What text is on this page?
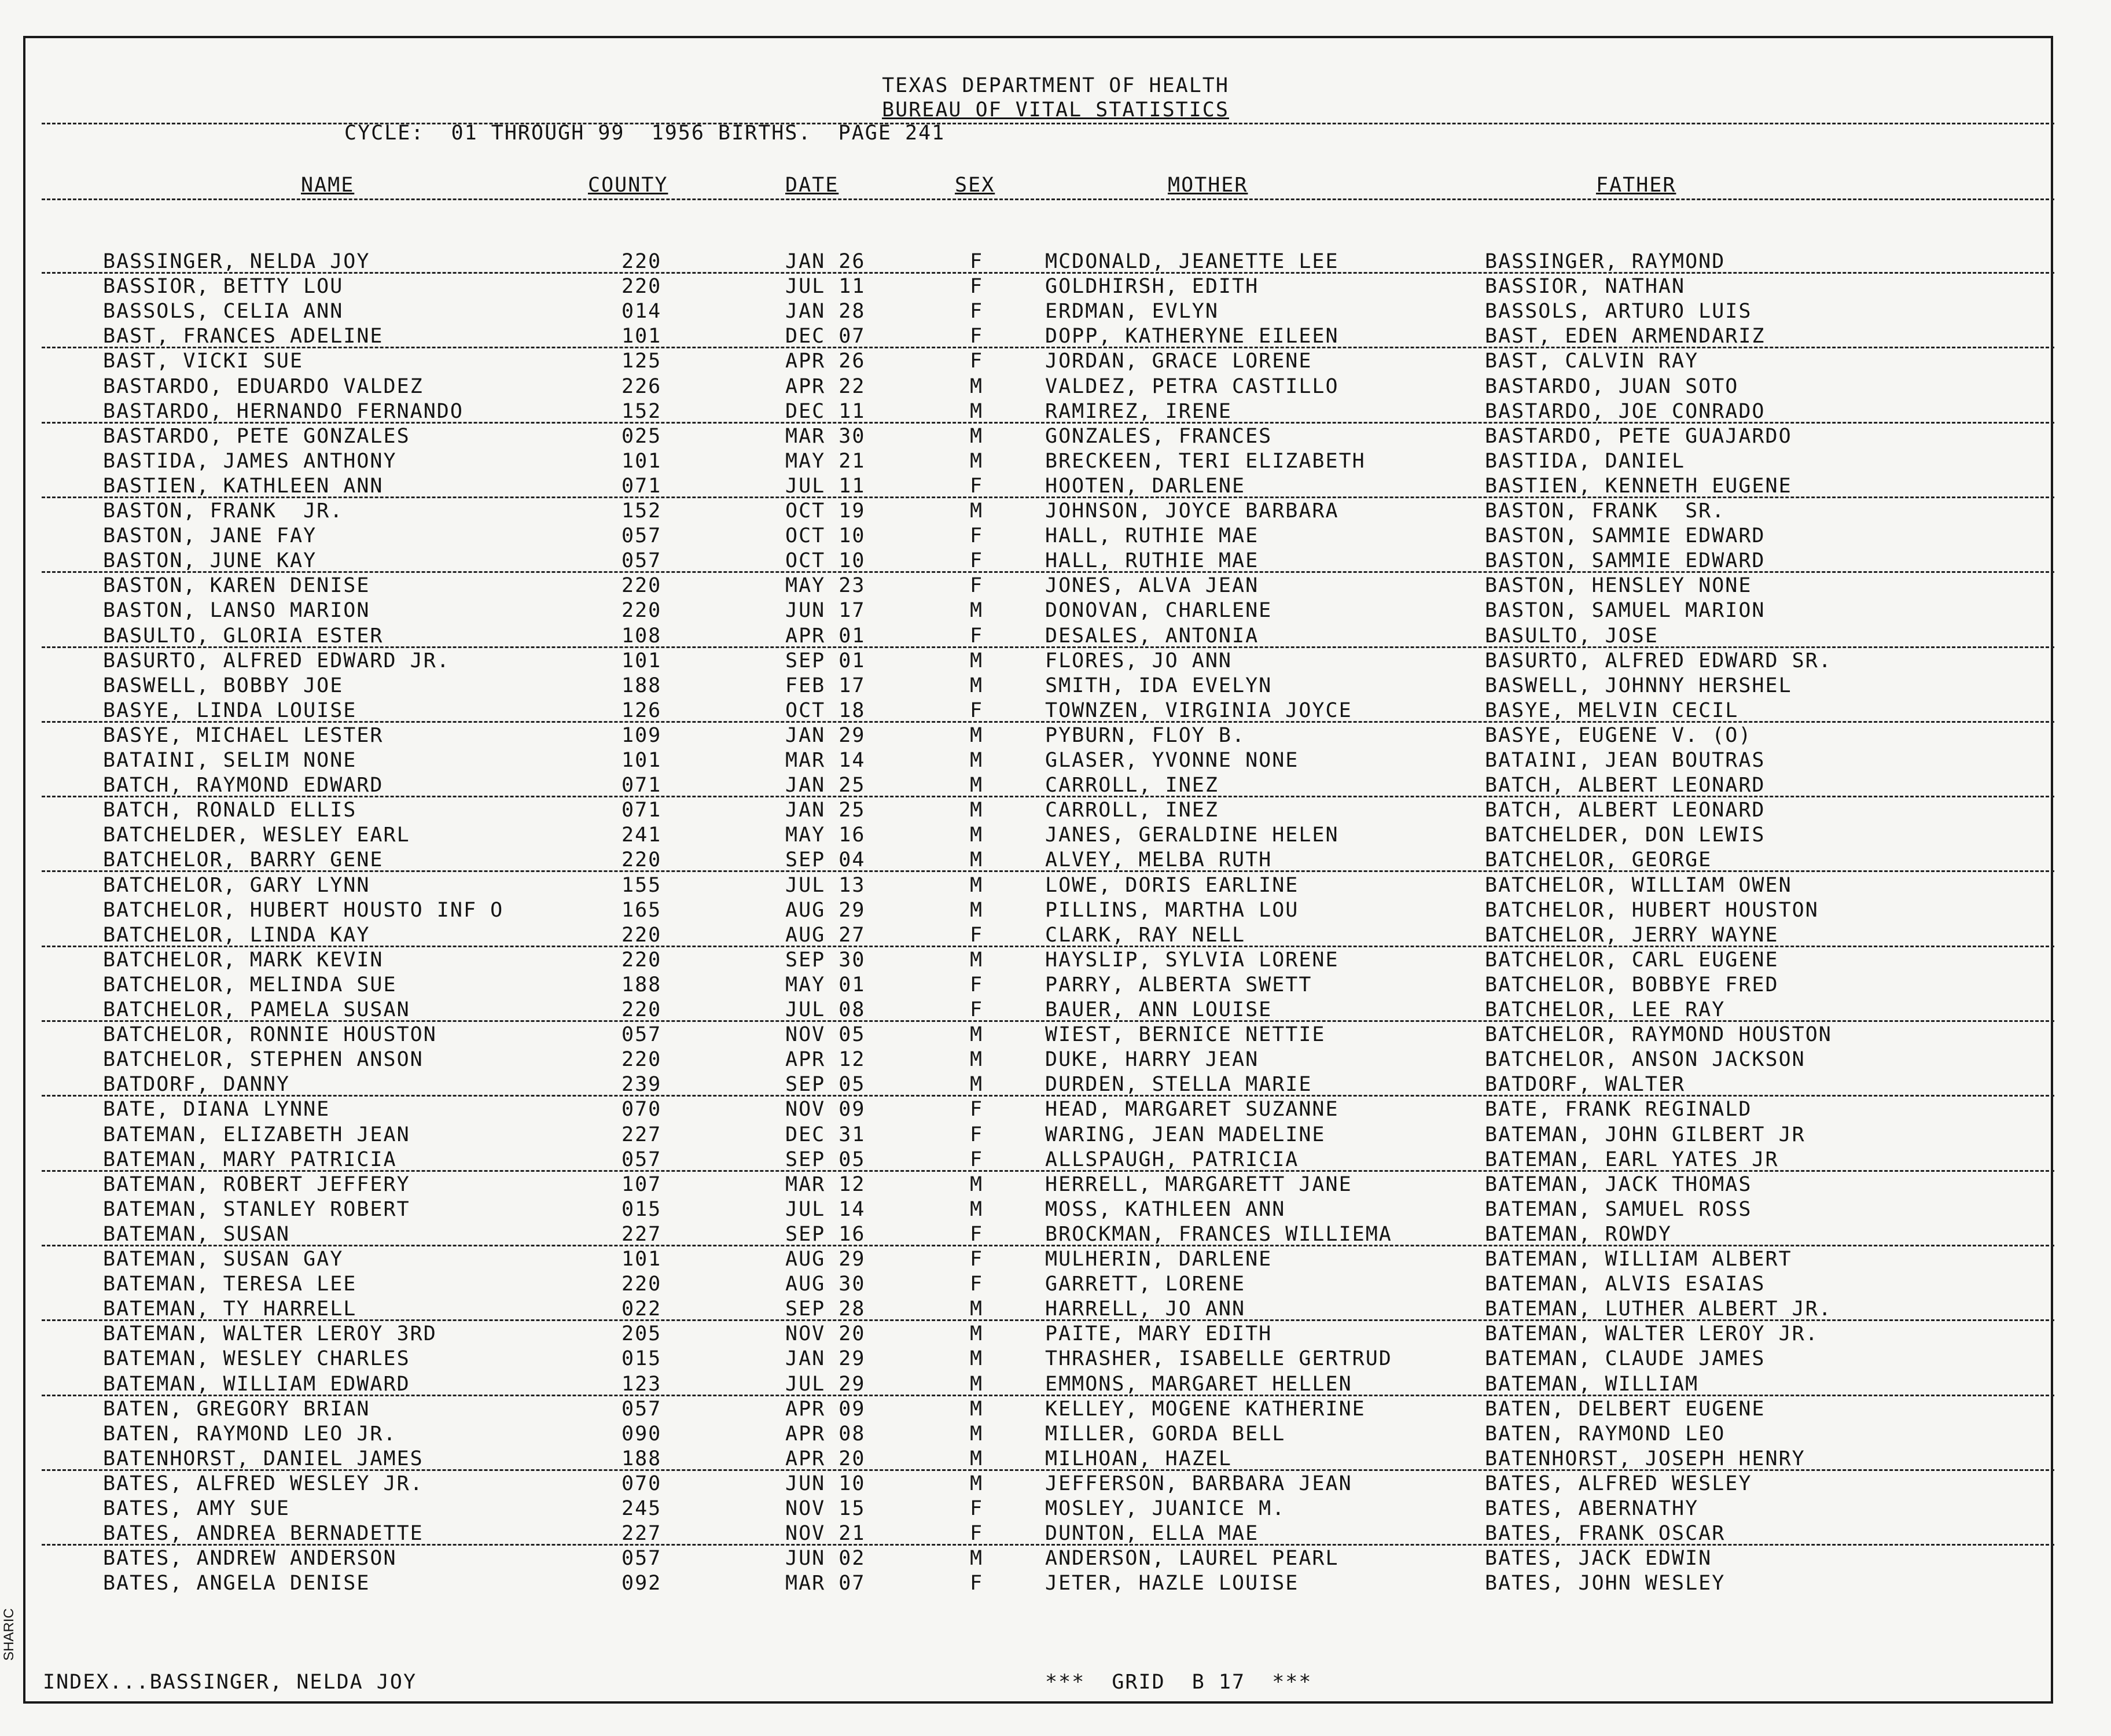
TEXAS DEPARTMENT OF HEALTH
BUREAU OF VITAL STATISTICS
CYCLE:  01 THROUGH 99  1956 BIRTHS.  PAGE 241
NAME	COUNTY	DATE	SEX	MOTHER	FATHER
BASSINGER, NELDA JOY	220	JAN 26	F	MCDONALD, JEANETTE LEE	BASSINGER, RAYMOND
BASSIOR, BETTY LOU	220	JUL 11	F	GOLDHIRSH, EDITH	BASSIOR, NATHAN
BASSOLS, CELIA ANN	014	JAN 28	F	ERDMAN, EVLYN	BASSOLS, ARTURO LUIS
BAST, FRANCES ADELINE	101	DEC 07	F	DOPP, KATHERYNE EILEEN	BAST, EDEN ARMENDARIZ
BAST, VICKI SUE	125	APR 26	F	JORDAN, GRACE LORENE	BAST, CALVIN RAY
BASTARDO, EDUARDO VALDEZ	226	APR 22	M	VALDEZ, PETRA CASTILLO	BASTARDO, JUAN SOTO
BASTARDO, HERNANDO FERNANDO	152	DEC 11	M	RAMIREZ, IRENE	BASTARDO, JOE CONRADO
BASTARDO, PETE GONZALES	025	MAR 30	M	GONZALES, FRANCES	BASTARDO, PETE GUAJARDO
BASTIDA, JAMES ANTHONY	101	MAY 21	M	BRECKEEN, TERI ELIZABETH	BASTIDA, DANIEL
BASTIEN, KATHLEEN ANN	071	JUL 11	F	HOOTEN, DARLENE	BASTIEN, KENNETH EUGENE
BASTON, FRANK  JR.	152	OCT 19	M	JOHNSON, JOYCE BARBARA	BASTON, FRANK  SR.
BASTON, JANE FAY	057	OCT 10	F	HALL, RUTHIE MAE	BASTON, SAMMIE EDWARD
BASTON, JUNE KAY	057	OCT 10	F	HALL, RUTHIE MAE	BASTON, SAMMIE EDWARD
BASTON, KAREN DENISE	220	MAY 23	F	JONES, ALVA JEAN	BASTON, HENSLEY NONE
BASTON, LANSO MARION	220	JUN 17	M	DONOVAN, CHARLENE	BASTON, SAMUEL MARION
BASULTO, GLORIA ESTER	108	APR 01	F	DESALES, ANTONIA	BASULTO, JOSE
BASURTO, ALFRED EDWARD JR.	101	SEP 01	M	FLORES, JO ANN	BASURTO, ALFRED EDWARD SR.
BASWELL, BOBBY JOE	188	FEB 17	M	SMITH, IDA EVELYN	BASWELL, JOHNNY HERSHEL
BASYE, LINDA LOUISE	126	OCT 18	F	TOWNZEN, VIRGINIA JOYCE	BASYE, MELVIN CECIL
BASYE, MICHAEL LESTER	109	JAN 29	M	PYBURN, FLOY B.	BASYE, EUGENE V. (O)
BATAINI, SELIM NONE	101	MAR 14	M	GLASER, YVONNE NONE	BATAINI, JEAN BOUTRAS
BATCH, RAYMOND EDWARD	071	JAN 25	M	CARROLL, INEZ	BATCH, ALBERT LEONARD
BATCH, RONALD ELLIS	071	JAN 25	M	CARROLL, INEZ	BATCH, ALBERT LEONARD
BATCHELDER, WESLEY EARL	241	MAY 16	M	JANES, GERALDINE HELEN	BATCHELDER, DON LEWIS
BATCHELOR, BARRY GENE	220	SEP 04	M	ALVEY, MELBA RUTH	BATCHELOR, GEORGE
BATCHELOR, GARY LYNN	155	JUL 13	M	LOWE, DORIS EARLINE	BATCHELOR, WILLIAM OWEN
BATCHELOR, HUBERT HOUSTO INF O	165	AUG 29	M	PILLINS, MARTHA LOU	BATCHELOR, HUBERT HOUSTON
BATCHELOR, LINDA KAY	220	AUG 27	F	CLARK, RAY NELL	BATCHELOR, JERRY WAYNE
BATCHELOR, MARK KEVIN	220	SEP 30	M	HAYSLIP, SYLVIA LORENE	BATCHELOR, CARL EUGENE
BATCHELOR, MELINDA SUE	188	MAY 01	F	PARRY, ALBERTA SWETT	BATCHELOR, BOBBYE FRED
BATCHELOR, PAMELA SUSAN	220	JUL 08	F	BAUER, ANN LOUISE	BATCHELOR, LEE RAY
BATCHELOR, RONNIE HOUSTON	057	NOV 05	M	WIEST, BERNICE NETTIE	BATCHELOR, RAYMOND HOUSTON
BATCHELOR, STEPHEN ANSON	220	APR 12	M	DUKE, HARRY JEAN	BATCHELOR, ANSON JACKSON
BATDORF, DANNY	239	SEP 05	M	DURDEN, STELLA MARIE	BATDORF, WALTER
BATE, DIANA LYNNE	070	NOV 09	F	HEAD, MARGARET SUZANNE	BATE, FRANK REGINALD
BATEMAN, ELIZABETH JEAN	227	DEC 31	F	WARING, JEAN MADELINE	BATEMAN, JOHN GILBERT JR
BATEMAN, MARY PATRICIA	057	SEP 05	F	ALLSPAUGH, PATRICIA	BATEMAN, EARL YATES JR
BATEMAN, ROBERT JEFFERY	107	MAR 12	M	HERRELL, MARGARETT JANE	BATEMAN, JACK THOMAS
BATEMAN, STANLEY ROBERT	015	JUL 14	M	MOSS, KATHLEEN ANN	BATEMAN, SAMUEL ROSS
BATEMAN, SUSAN	227	SEP 16	F	BROCKMAN, FRANCES WILLIEMA	BATEMAN, ROWDY
BATEMAN, SUSAN GAY	101	AUG 29	F	MULHERIN, DARLENE	BATEMAN, WILLIAM ALBERT
BATEMAN, TERESA LEE	220	AUG 30	F	GARRETT, LORENE	BATEMAN, ALVIS ESAIAS
BATEMAN, TY HARRELL	022	SEP 28	M	HARRELL, JO ANN	BATEMAN, LUTHER ALBERT JR.
BATEMAN, WALTER LEROY 3RD	205	NOV 20	M	PAITE, MARY EDITH	BATEMAN, WALTER LEROY JR.
BATEMAN, WESLEY CHARLES	015	JAN 29	M	THRASHER, ISABELLE GERTRUD	BATEMAN, CLAUDE JAMES
BATEMAN, WILLIAM EDWARD	123	JUL 29	M	EMMONS, MARGARET HELLEN	BATEMAN, WILLIAM
BATEN, GREGORY BRIAN	057	APR 09	M	KELLEY, MOGENE KATHERINE	BATEN, DELBERT EUGENE
BATEN, RAYMOND LEO JR.	090	APR 08	M	MILLER, GORDA BELL	BATEN, RAYMOND LEO
BATENHORST, DANIEL JAMES	188	APR 20	M	MILHOAN, HAZEL	BATENHORST, JOSEPH HENRY
BATES, ALFRED WESLEY JR.	070	JUN 10	M	JEFFERSON, BARBARA JEAN	BATES, ALFRED WESLEY
BATES, AMY SUE	245	NOV 15	F	MOSLEY, JUANICE M.	BATES, ABERNATHY
BATES, ANDREA BERNADETTE	227	NOV 21	F	DUNTON, ELLA MAE	BATES, FRANK OSCAR
BATES, ANDREW ANDERSON	057	JUN 02	M	ANDERSON, LAUREL PEARL	BATES, JACK EDWIN
BATES, ANGELA DENISE	092	MAR 07	F	JETER, HAZLE LOUISE	BATES, JOHN WESLEY
INDEX...BASSINGER, NELDA JOY	***  GRID  B 17  ***
SHARIC
